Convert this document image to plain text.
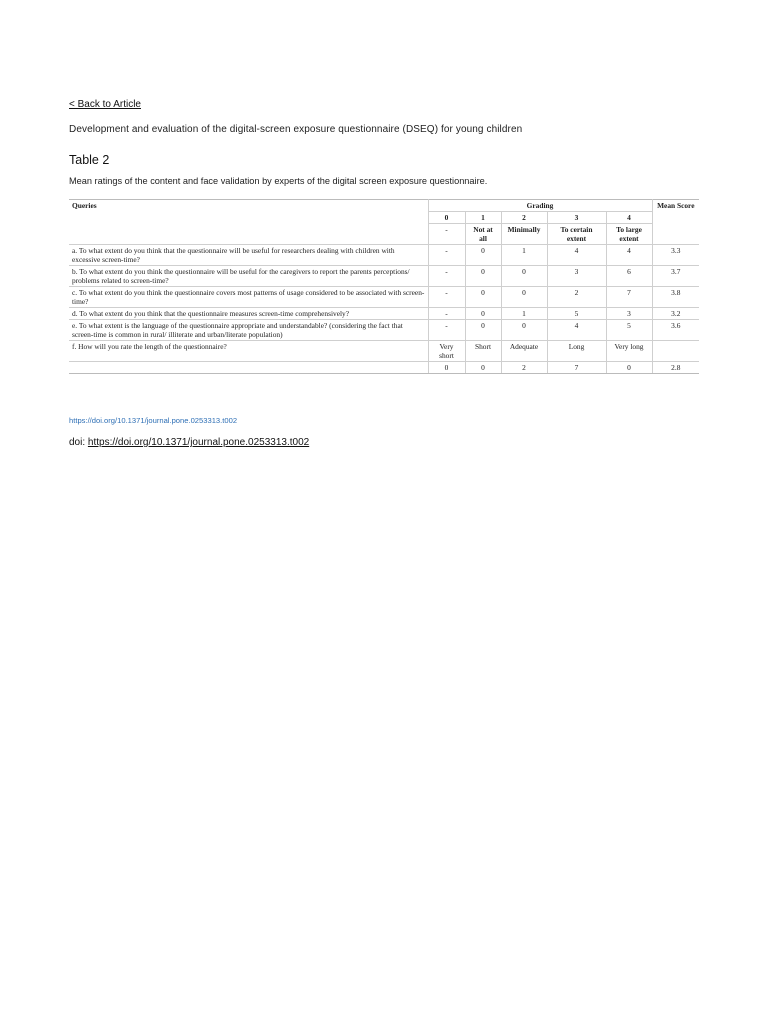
< Back to Article
Development and evaluation of the digital-screen exposure questionnaire (DSEQ) for young children
Table 2
Mean ratings of the content and face validation by experts of the digital screen exposure questionnaire.
Queries	Grading					Mean Score
	0	1	2	3	4	
	-	Not at all	Minimally	To certain extent	To large extent	
a. To what extent do you think that the questionnaire will be useful for researchers dealing with children with excessive screen-time?	-	0	1	4	4	3.3
b. To what extent do you think the questionnaire will be useful for the caregivers to report the parents perceptions/ problems related to screen-time?	-	0	0	3	6	3.7
c. To what extent do you think the questionnaire covers most patterns of usage considered to be associated with screen-time?	-	0	0	2	7	3.8
d. To what extent do you think that the questionnaire measures screen-time comprehensively?	-	0	1	5	3	3.2
e. To what extent is the language of the questionnaire appropriate and understandable? (considering the fact that screen-time is common in rural/ illiterate and urban/literate population)	-	0	0	4	5	3.6
f. How will you rate the length of the questionnaire?	Very short	Short	Adequate	Long	Very long	
	0	0	2	7	0	2.8
https://doi.org/10.1371/journal.pone.0253313.t002
doi: https://doi.org/10.1371/journal.pone.0253313.t002
